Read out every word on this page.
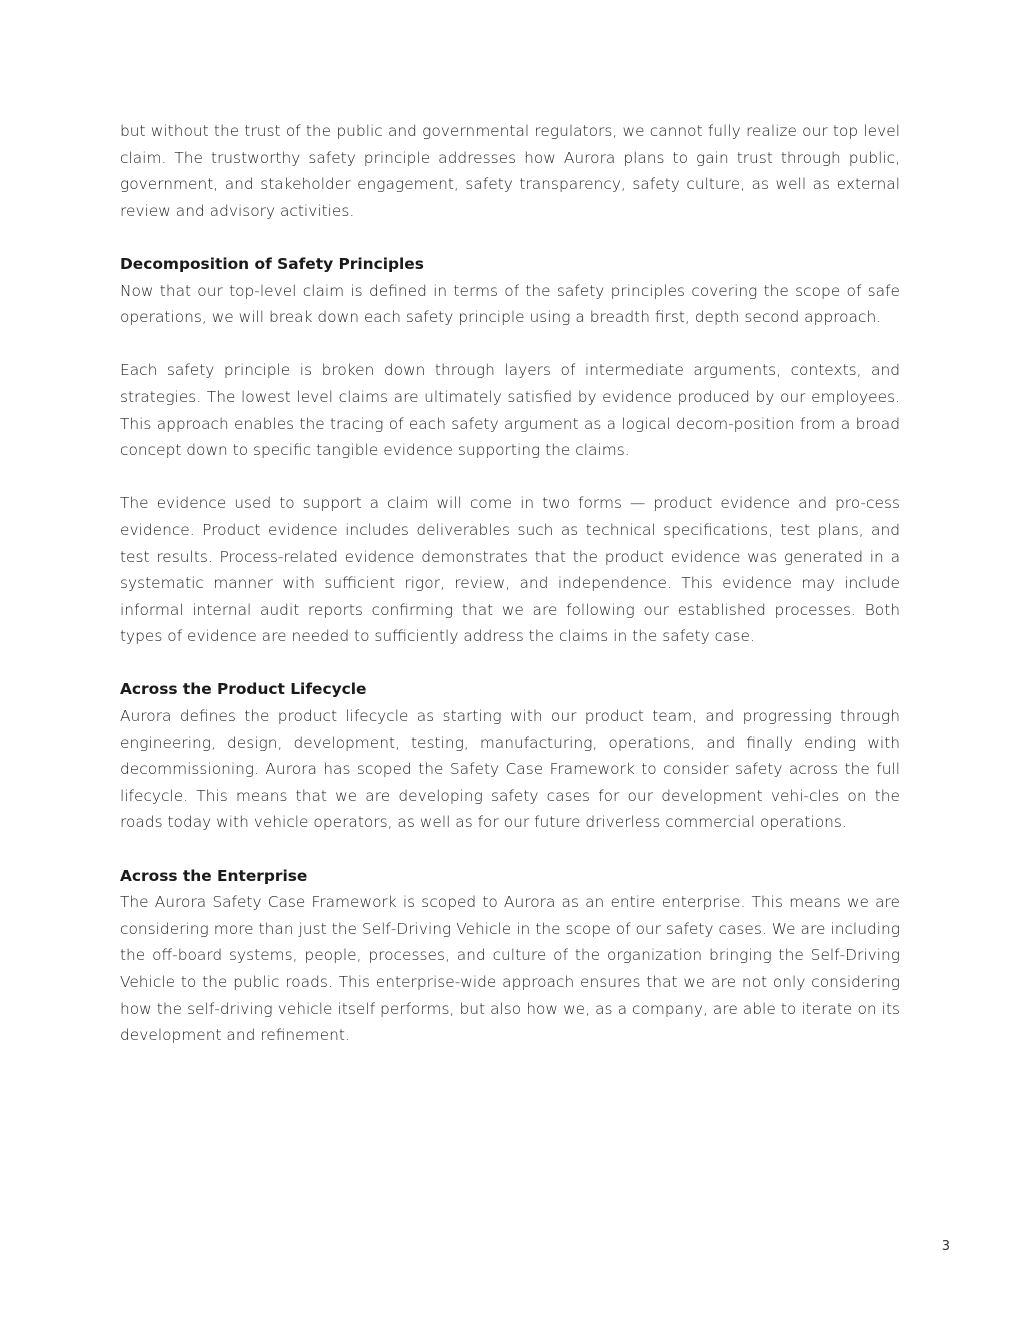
but without the trust of the public and governmental regulators, we cannot fully realize our top level claim. The trustworthy safety principle addresses how Aurora plans to gain trust through public, government, and stakeholder engagement, safety transparency, safety culture, as well as external review and advisory activities.

Decomposition of Safety Principles

Now that our top-level claim is defined in terms of the safety principles covering the scope of safe operations, we will break down each safety principle using a breadth first, depth second approach.

Each safety principle is broken down through layers of intermediate arguments, contexts, and strategies. The lowest level claims are ultimately satisfied by evidence produced by our employees. This approach enables the tracing of each safety argument as a logical decom-position from a broad concept down to specific tangible evidence supporting the claims.

The evidence used to support a claim will come in two forms — product evidence and pro-cess evidence. Product evidence includes deliverables such as technical specifications, test plans, and test results. Process-related evidence demonstrates that the product evidence was generated in a systematic manner with sufficient rigor, review, and independence. This evidence may include informal internal audit reports confirming that we are following our established processes. Both types of evidence are needed to sufficiently address the claims in the safety case.

Across the Product Lifecycle

Aurora defines the product lifecycle as starting with our product team, and progressing through engineering, design, development, testing, manufacturing, operations, and finally ending with decommissioning. Aurora has scoped the Safety Case Framework to consider safety across the full lifecycle. This means that we are developing safety cases for our development vehi-cles on the roads today with vehicle operators, as well as for our future driverless commercial operations.

Across the Enterprise

The Aurora Safety Case Framework is scoped to Aurora as an entire enterprise. This means we are considering more than just the Self-Driving Vehicle in the scope of our safety cases. We are including the off-board systems, people, processes, and culture of the organization bringing the Self-Driving Vehicle to the public roads. This enterprise-wide approach ensures that we are not only considering how the self-driving vehicle itself performs, but also how we, as a company, are able to iterate on its development and refinement.

3
